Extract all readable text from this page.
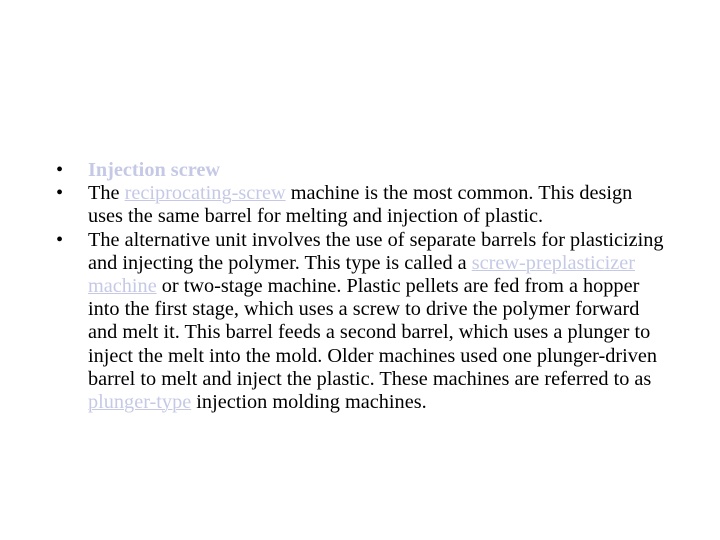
•	Injection screw
•	The reciprocating-screw machine is the most common. This design uses the same barrel for melting and injection of plastic.
•	The alternative unit involves the use of separate barrels for plasticizing and injecting the polymer. This type is called a screw-preplasticizer machine or two-stage machine. Plastic pellets are fed from a hopper into the first stage, which uses a screw to drive the polymer forward and melt it. This barrel feeds a second barrel, which uses a plunger to inject the melt into the mold. Older machines used one plunger-driven barrel to melt and inject the plastic. These machines are referred to as plunger-type injection molding machines.
